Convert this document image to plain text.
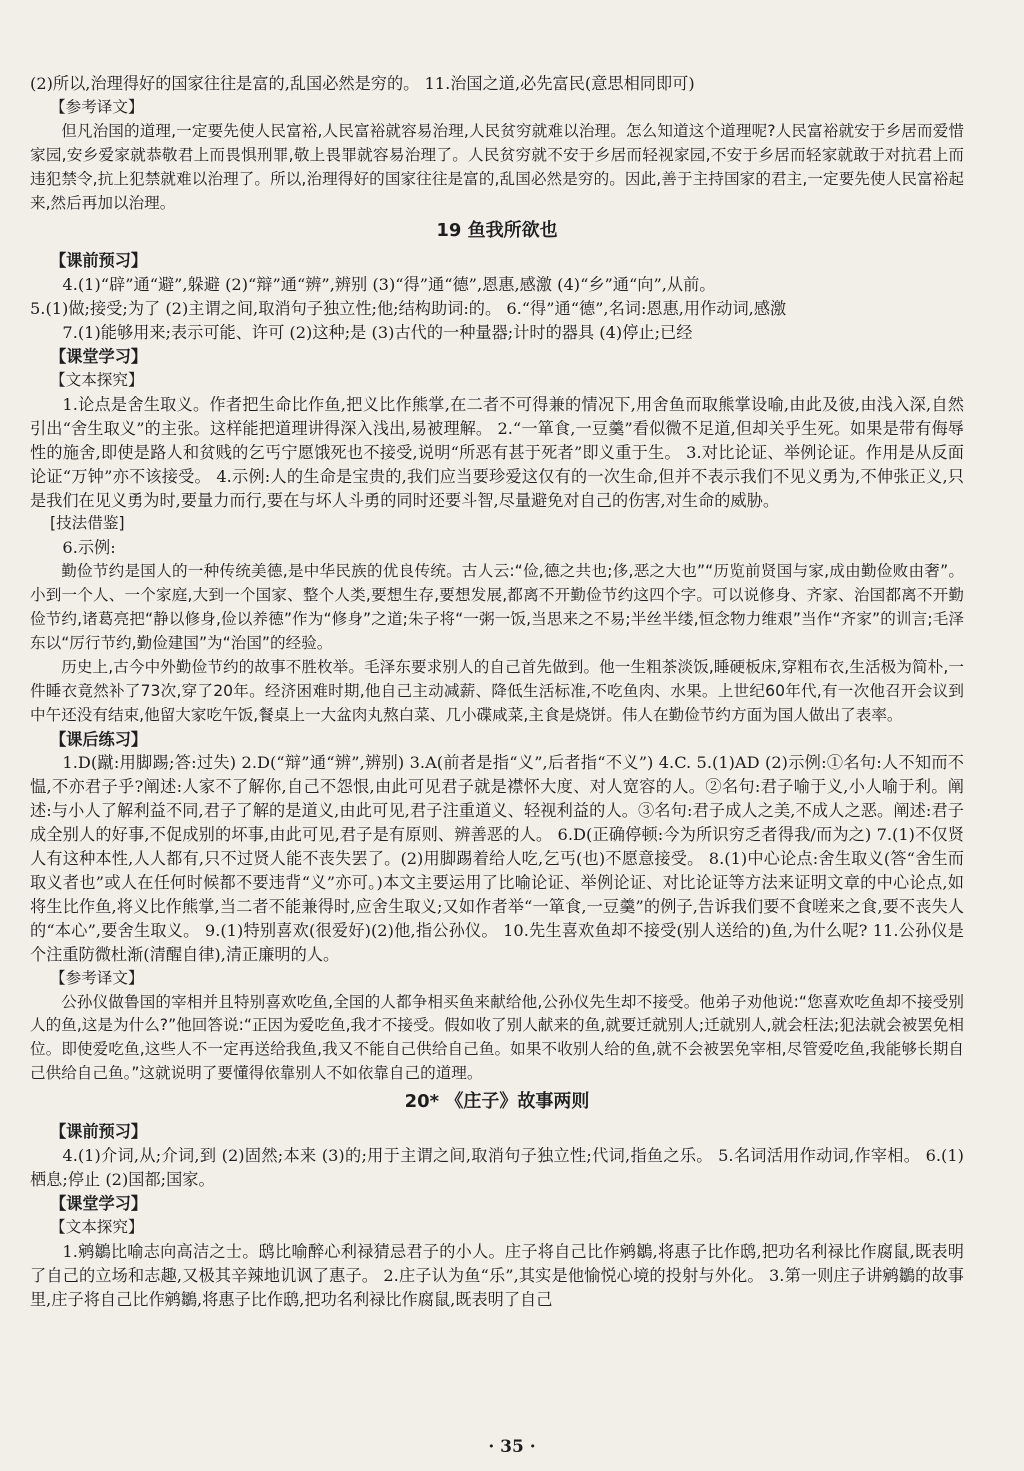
(2)所以,治理得好的国家往往是富的,乱国必然是穷的。 11.治国之道,必先富民(意思相同即可)

【参考译文】

但凡治国的道理,一定要先使人民富裕,人民富裕就容易治理,人民贫穷就难以治理。怎么知道这个道理呢?人民富裕就安于乡居而爱惜家园,安乡爱家就恭敬君上而畏惧刑罪,敬上畏罪就容易治理了。人民贫穷就不安于乡居而轻视家园,不安于乡居而轻家就敢于对抗君上而违犯禁令,抗上犯禁就难以治理了。所以,治理得好的国家往往是富的,乱国必然是穷的。因此,善于主持国家的君主,一定要先使人民富裕起来,然后再加以治理。

19 鱼我所欲也

【课前预习】

4.(1)“辟”通“避”,躲避 (2)“辩”通“辨”,辨别 (3)“得”通“德”,恩惠,感激 (4)“乡”通“向”,从前。

5.(1)做;接受;为了 (2)主谓之间,取消句子独立性;他;结构助词:的。 6.“得”通“德”,名词:恩惠,用作动词,感激

7.(1)能够用来;表示可能、许可 (2)这种;是 (3)古代的一种量器;计时的器具 (4)停止;已经

【课堂学习】

【文本探究】

1.论点是舍生取义。作者把生命比作鱼,把义比作熊掌,在二者不可得兼的情况下,用舍鱼而取熊掌设喻,由此及彼,由浅入深,自然引出“舍生取义”的主张。这样能把道理讲得深入浅出,易被理解。 2.“一箪食,一豆羹”看似微不足道,但却关乎生死。如果是带有侮辱性的施舍,即使是路人和贫贱的乞丐宁愿饿死也不接受,说明“所恶有甚于死者”即义重于生。 3.对比论证、举例论证。作用是从反面论证“万钟”亦不该接受。 4.示例:人的生命是宝贵的,我们应当要珍爱这仅有的一次生命,但并不表示我们不见义勇为,不伸张正义,只是我们在见义勇为时,要量力而行,要在与坏人斗勇的同时还要斗智,尽量避免对自己的伤害,对生命的威胁。

[技法借鉴]

6.示例:

勤俭节约是国人的一种传统美德,是中华民族的优良传统。古人云:“俭,德之共也;侈,恶之大也”“历览前贤国与家,成由勤俭败由奢”。小到一个人、一个家庭,大到一个国家、整个人类,要想生存,要想发展,都离不开勤俭节约这四个字。可以说修身、齐家、治国都离不开勤俭节约,诸葛亮把“静以修身,俭以养德”作为“修身”之道;朱子将“一粥一饭,当思来之不易;半丝半缕,恒念物力维艰”当作“齐家”的训言;毛泽东以“厉行节约,勤俭建国”为“治国”的经验。

历史上,古今中外勤俭节约的故事不胜枚举。毛泽东要求别人的自己首先做到。他一生粗茶淡饭,睡硬板床,穿粗布衣,生活极为简朴,一件睡衣竟然补了73次,穿了20年。经济困难时期,他自己主动减薪、降低生活标准,不吃鱼肉、水果。上世纪60年代,有一次他召开会议到中午还没有结束,他留大家吃午饭,餐桌上一大盆肉丸熬白菜、几小碟咸菜,主食是烧饼。伟人在勤俭节约方面为国人做出了表率。

【课后练习】

1.D(蹴:用脚踢;答:过失) 2.D(“辩”通“辨”,辨别) 3.A(前者是指“义”,后者指“不义”) 4.C. 5.(1)AD (2)示例:①名句:人不知而不愠,不亦君子乎?阐述:人家不了解你,自己不怨恨,由此可见君子就是襟怀大度、对人宽容的人。②名句:君子喻于义,小人喻于利。阐述:与小人了解利益不同,君子了解的是道义,由此可见,君子注重道义、轻视利益的人。③名句:君子成人之美,不成人之恶。阐述:君子成全别人的好事,不促成别的坏事,由此可见,君子是有原则、辨善恶的人。 6.D(正确停顿:今为所识穷乏者得我/而为之) 7.(1)不仅贤人有这种本性,人人都有,只不过贤人能不丧失罢了。(2)用脚踢着给人吃,乞丐(也)不愿意接受。 8.(1)中心论点:舍生取义(答“舍生而取义者也”或人在任何时候都不要违背“义”亦可。)本文主要运用了比喻论证、举例论证、对比论证等方法来证明文章的中心论点,如将生比作鱼,将义比作熊掌,当二者不能兼得时,应舍生取义;又如作者举“一箪食,一豆羹”的例子,告诉我们要不食嗟来之食,要不丧失人的“本心”,要舍生取义。 9.(1)特别喜欢(很爱好)(2)他,指公孙仪。 10.先生喜欢鱼却不接受(别人送给的)鱼,为什么呢? 11.公孙仪是个注重防微杜渐(清醒自律),清正廉明的人。

【参考译文】

公孙仪做鲁国的宰相并且特别喜欢吃鱼,全国的人都争相买鱼来献给他,公孙仪先生却不接受。他弟子劝他说:“您喜欢吃鱼却不接受别人的鱼,这是为什么?”他回答说:“正因为爱吃鱼,我才不接受。假如收了别人献来的鱼,就要迁就别人;迁就别人,就会枉法;犯法就会被罢免相位。即使爱吃鱼,这些人不一定再送给我鱼,我又不能自己供给自己鱼。如果不收别人给的鱼,就不会被罢免宰相,尽管爱吃鱼,我能够长期自己供给自己鱼。”这就说明了要懂得依靠别人不如依靠自己的道理。

20* 《庄子》故事两则

【课前预习】

4.(1)介词,从;介词,到 (2)固然;本来 (3)的;用于主谓之间,取消句子独立性;代词,指鱼之乐。 5.名词活用作动词,作宰相。 6.(1)栖息;停止 (2)国都;国家。

【课堂学习】

【文本探究】

1.鹓鶵比喻志向高洁之士。鸱比喻醉心利禄猜忌君子的小人。庄子将自己比作鹓鶵,将惠子比作鸱,把功名利禄比作腐鼠,既表明了自己的立场和志趣,又极其辛辣地讥讽了惠子。 2.庄子认为鱼“乐”,其实是他愉悦心境的投射与外化。 3.第一则庄子讲鹓鶵的故事里,庄子将自己比作鹓鶵,将惠子比作鸱,把功名利禄比作腐鼠,既表明了自己

· 35 ·
